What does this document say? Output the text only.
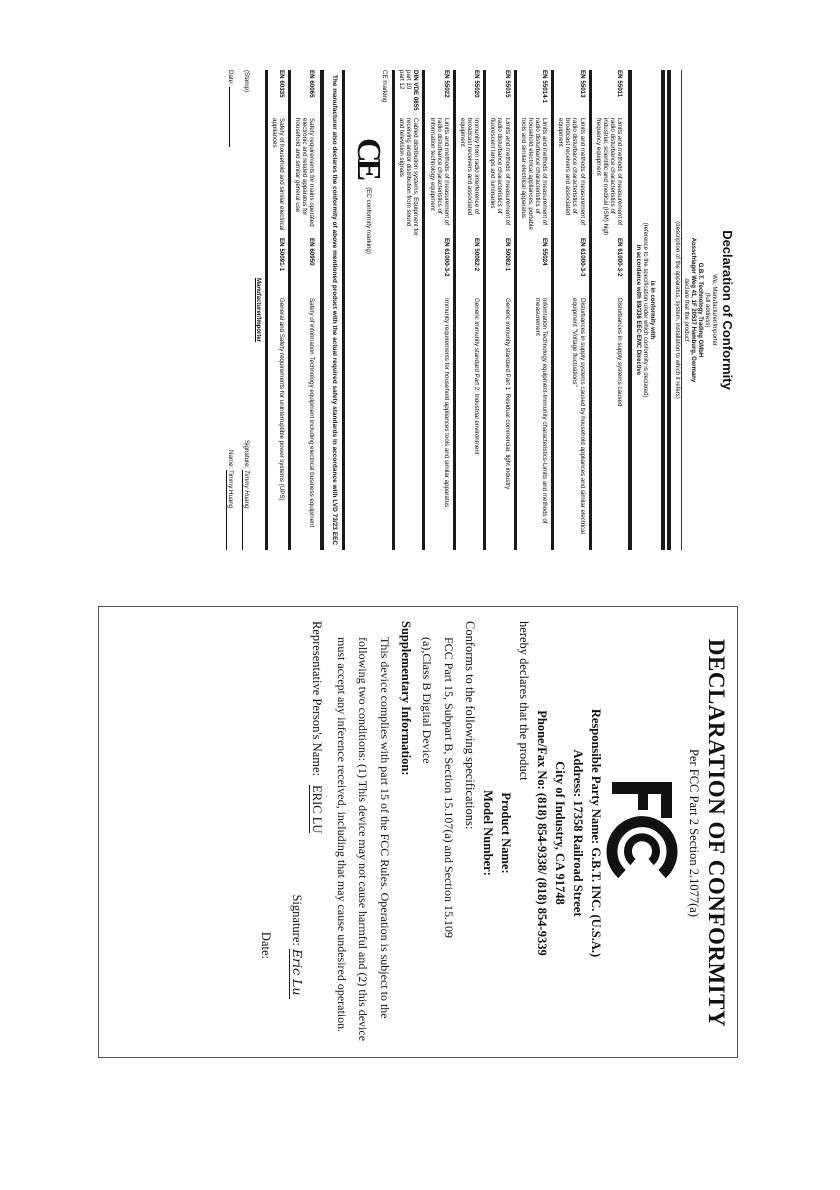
Declaration of Conformity
We, Manufacturer/Importer
(full address)
G.B.T. Technology Trading GMbH
Ausschlager Weg 41, 1F 20537 Hamburg, Germany
declare that the product
(description of the apparatus, system, installation to which it refers)
is in conformity with
(reference to the specification under which conformity is declared)
in accordance with 89/336 EEC-EMC Directive
EN 55011
Limits and methods of measurement of radio disturbance characteristics of industrial, scientific and medical (ISM) high frequency equipment
EN 61000-3-2
Disturbances in supply systems caused
EN 55013
Limits and methods of measurement of radio disturbance characteristics of broadcast receivers and associated equipment
EN 61000-3-3
Disturbances in supply systems caused by household appliances and similar electrical equipment "Voltage fluctuations"
EN 55014-1
Limits and methods of measurement of radio disturbance characteristics of household electrical appliances, portable tools and similar electrical apparatus
EN 55024
Information Technology equipment-Immunity characteristics-Limits and methods of measurement
EN 55015
Limits and methods of measurement of radio disturbance characteristics of fluorescent lamps and luminaries
EN 50082-1
Generic immunity standard Part 1: Residual commercial, light industry
EN 55020
Immunity from radio interference of broadcast receivers and associated equipment
EN 50082-2
Generic immunity standard Part 2: Industrial environment
EN 55022
Limits and methods of measurement of radio disturbance characteristics of information technology equipment
EN 61000-3-2
Immunity requirements for household appliances tools and similar apparatus
DIN VDE 0855
part 10
part 12
Cabled distribution systems; Equipment for receiving and/or distribution from sound and television signals
CE marking
CE
(EC conformity marking)
The manufacturer also declares the conformity of above mentioned product with the actual required safety standards in accordance with LVD 73/23 EEC
EN 60065
Safety requirements for mains operated electronic and related apparatus for household and similar general use
EN 60950
Safety of information Technology equipment including electrical business equipment
EN 60335
Safety of household and similar electrical appliances
EN 50091-1
General and Safety requirements for uninterruptible power systems (UPS)
Manufacturer/Importer
(Stamp)
Signature: Timmy Huang
Date:
Name: Timmy Huang
DECLARATION OF CONFORMITY
Per FCC Part 2 Section 2.1077(a)
Responsible Party Name: G.B.T. INC. (U.S.A.)
Address: 17358 Railroad Street
City of Industry, CA 91748
Phone/Fax No: (818) 854-9338/ (818) 854-9339
hereby declares that the product
Product Name:
Model Number:
Conforms to the following specifications:
FCC Part 15, Subpart B, Section 15.107(a) and Section 15.109
(a),Class B Digital Device
Supplementary Information:
This device complies with part 15 of the FCC Rules. Operation is subject to the following two conditions: (1) This device may not cause harmful and (2) this device must accept any inference received, including that may cause undesired operation.
Representative Person's Name: ERIC LU
Signature: Eric Lu
Date:
